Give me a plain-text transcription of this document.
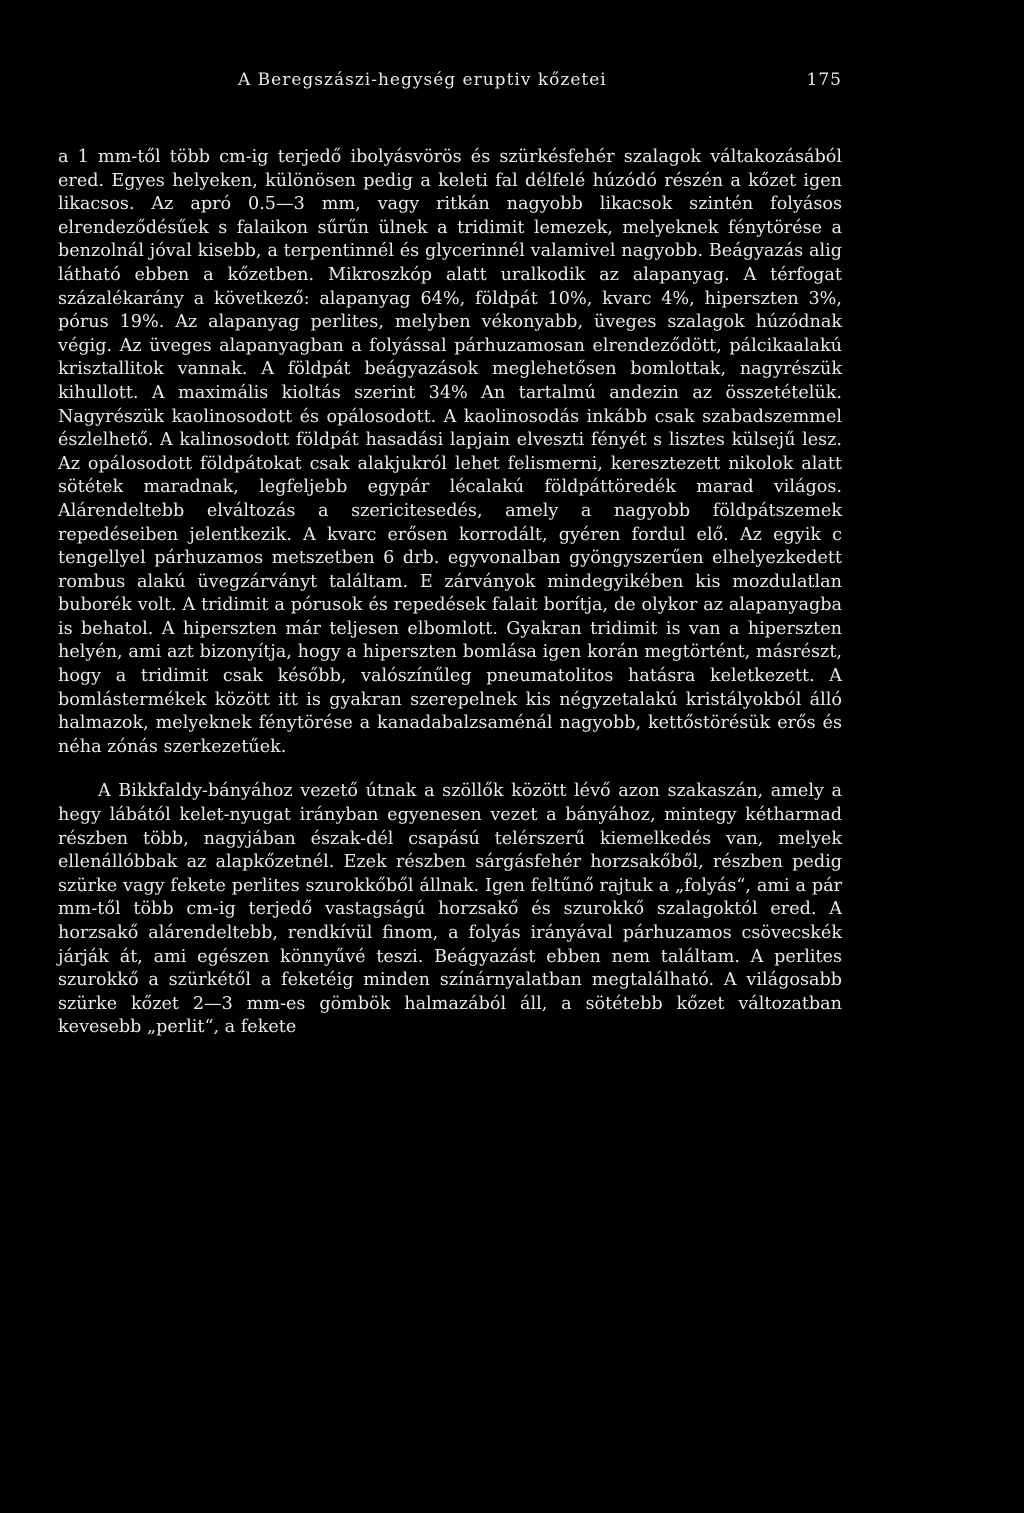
A Beregszászi-hegység eruptiv kőzetei	175

a 1 mm-től több cm-ig terjedő ibolyásvörös és szürkésfehér szalagok váltakozásából ered. Egyes helyeken, különösen pedig a keleti fal délfelé húzódó részén a kőzet igen likacsos. Az apró 0.5—3 mm, vagy ritkán nagyobb likacsok szintén folyásos elrendeződésűek s falaikon sűrűn ülnek a tridimit lemezek, melyeknek fénytörése a benzolnál jóval kisebb, a terpentinnél és glycerinnél valamivel nagyobb. Beágyazás alig látható ebben a kőzetben. Mikroszkóp alatt uralkodik az alapanyag. A térfogat százalékarány a következő: alapanyag 64%, földpát 10%, kvarc 4%, hiperszten 3%, pórus 19%. Az alapanyag perlites, melyben vékonyabb, üveges szalagok húzódnak végig. Az üveges alapanyagban a folyással párhuzamosan elrendeződött, pálcikaalakú krisztallitok vannak. A földpát beágyazások meglehetősen bomlottak, nagyrészük kihullott. A maximális kioltás szerint 34% An tartalmú andezin az összetételük. Nagyrészük kaolinosodott és opálosodott. A kaolinosodás inkább csak szabadszemmel észlelhető. A kalinosodott földpát hasadási lapjain elveszti fényét s lisztes külsejű lesz. Az opálosodott földpátokat csak alakjukról lehet felismerni, keresztezett nikolok alatt sötétek maradnak, legfeljebb egypár lécalakú földpáttöredék marad világos. Alárendeltebb elváltozás a szericitesedés, amely a nagyobb földpátszemek repedéseiben jelentkezik. A kvarc erősen korrodált, gyéren fordul elő. Az egyik c tengellyel párhuzamos metszetben 6 drb. egyvonalban gyöngyszerűen elhelyezkedett rombus alakú üvegzárványt találtam. E zárványok mindegyikében kis mozdulatlan buborék volt. A tridimit a pórusok és repedések falait borítja, de olykor az alapanyagba is behatol. A hiperszten már teljesen elbomlott. Gyakran tridimit is van a hiperszten helyén, ami azt bizonyítja, hogy a hiperszten bomlása igen korán megtörtént, másrészt, hogy a tridimit csak később, valószínűleg pneumatolitos hatásra keletkezett. A bomlástermékek között itt is gyakran szerepelnek kis négyzetalakú kristályokból álló halmazok, melyeknek fénytörése a kanadabalzsaménál nagyobb, kettőstörésük erős és néha zónás szerkezetűek.

A Bikkfaldy-bányához vezető útnak a szöllők között lévő azon szakaszán, amely a hegy lábától kelet-nyugat irányban egyenesen vezet a bányához, mintegy kétharmad részben több, nagyjában észak-dél csapású telérszerű kiemelkedés van, melyek ellenállóbbak az alapkőzetnél. Ezek részben sárgásfehér horzsakőből, részben pedig szürke vagy fekete perlites szurokkőből állnak. Igen feltűnő rajtuk a „folyás“, ami a pár mm-től több cm-ig terjedő vastagságú horzsakő és szurokkő szalagoktól ered. A horzsakő alárendeltebb, rendkívül finom, a folyás irányával párhuzamos csövecskék járják át, ami egészen könnyűvé teszi. Beágyazást ebben nem találtam. A perlites szurokkő a szürkétől a feketéig minden színárnyalatban megtalálható. A világosabb szürke kőzet 2—3 mm-es gömbök halmazából áll, a sötétebb kőzet változatban kevesebb „perlit“, a fekete
